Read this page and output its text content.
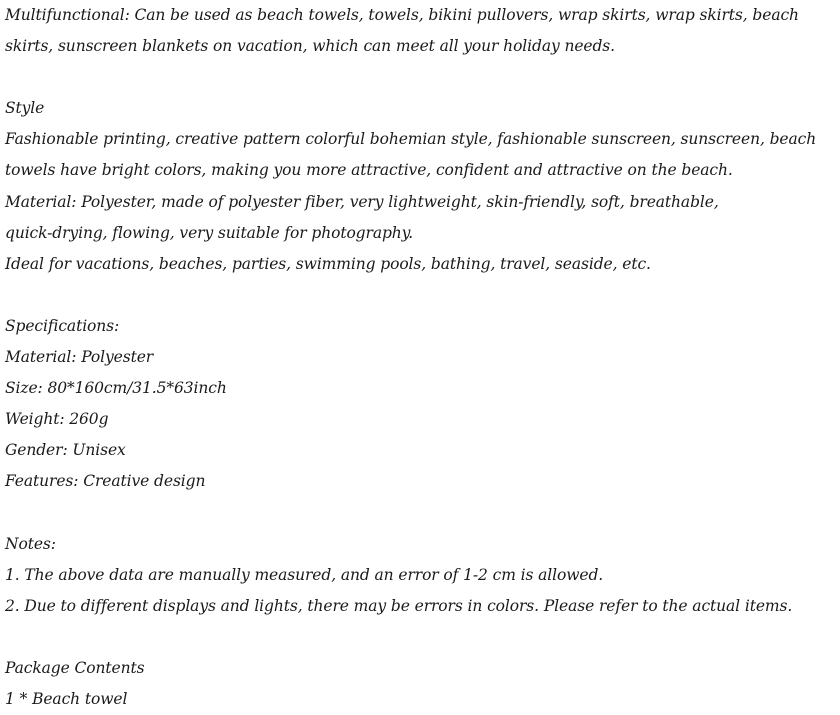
Multifunctional: Can be used as beach towels, towels, bikini pullovers, wrap skirts, wrap skirts, beach
skirts, sunscreen blankets on vacation, which can meet all your holiday needs.
Style
Fashionable printing, creative pattern colorful bohemian style, fashionable sunscreen, sunscreen, beach
towels have bright colors, making you more attractive, confident and attractive on the beach.
Material: Polyester, made of polyester fiber, very lightweight, skin-friendly, soft, breathable,
quick-drying, flowing, very suitable for photography.
Ideal for vacations, beaches, parties, swimming pools, bathing, travel, seaside, etc.
Specifications:
Material: Polyester
Size: 80*160cm/31.5*63inch
Weight: 260g
Gender: Unisex
Features: Creative design
Notes:
1. The above data are manually measured, and an error of 1-2 cm is allowed.
2. Due to different displays and lights, there may be errors in colors. Please refer to the actual items.
Package Contents
1 * Beach towel
